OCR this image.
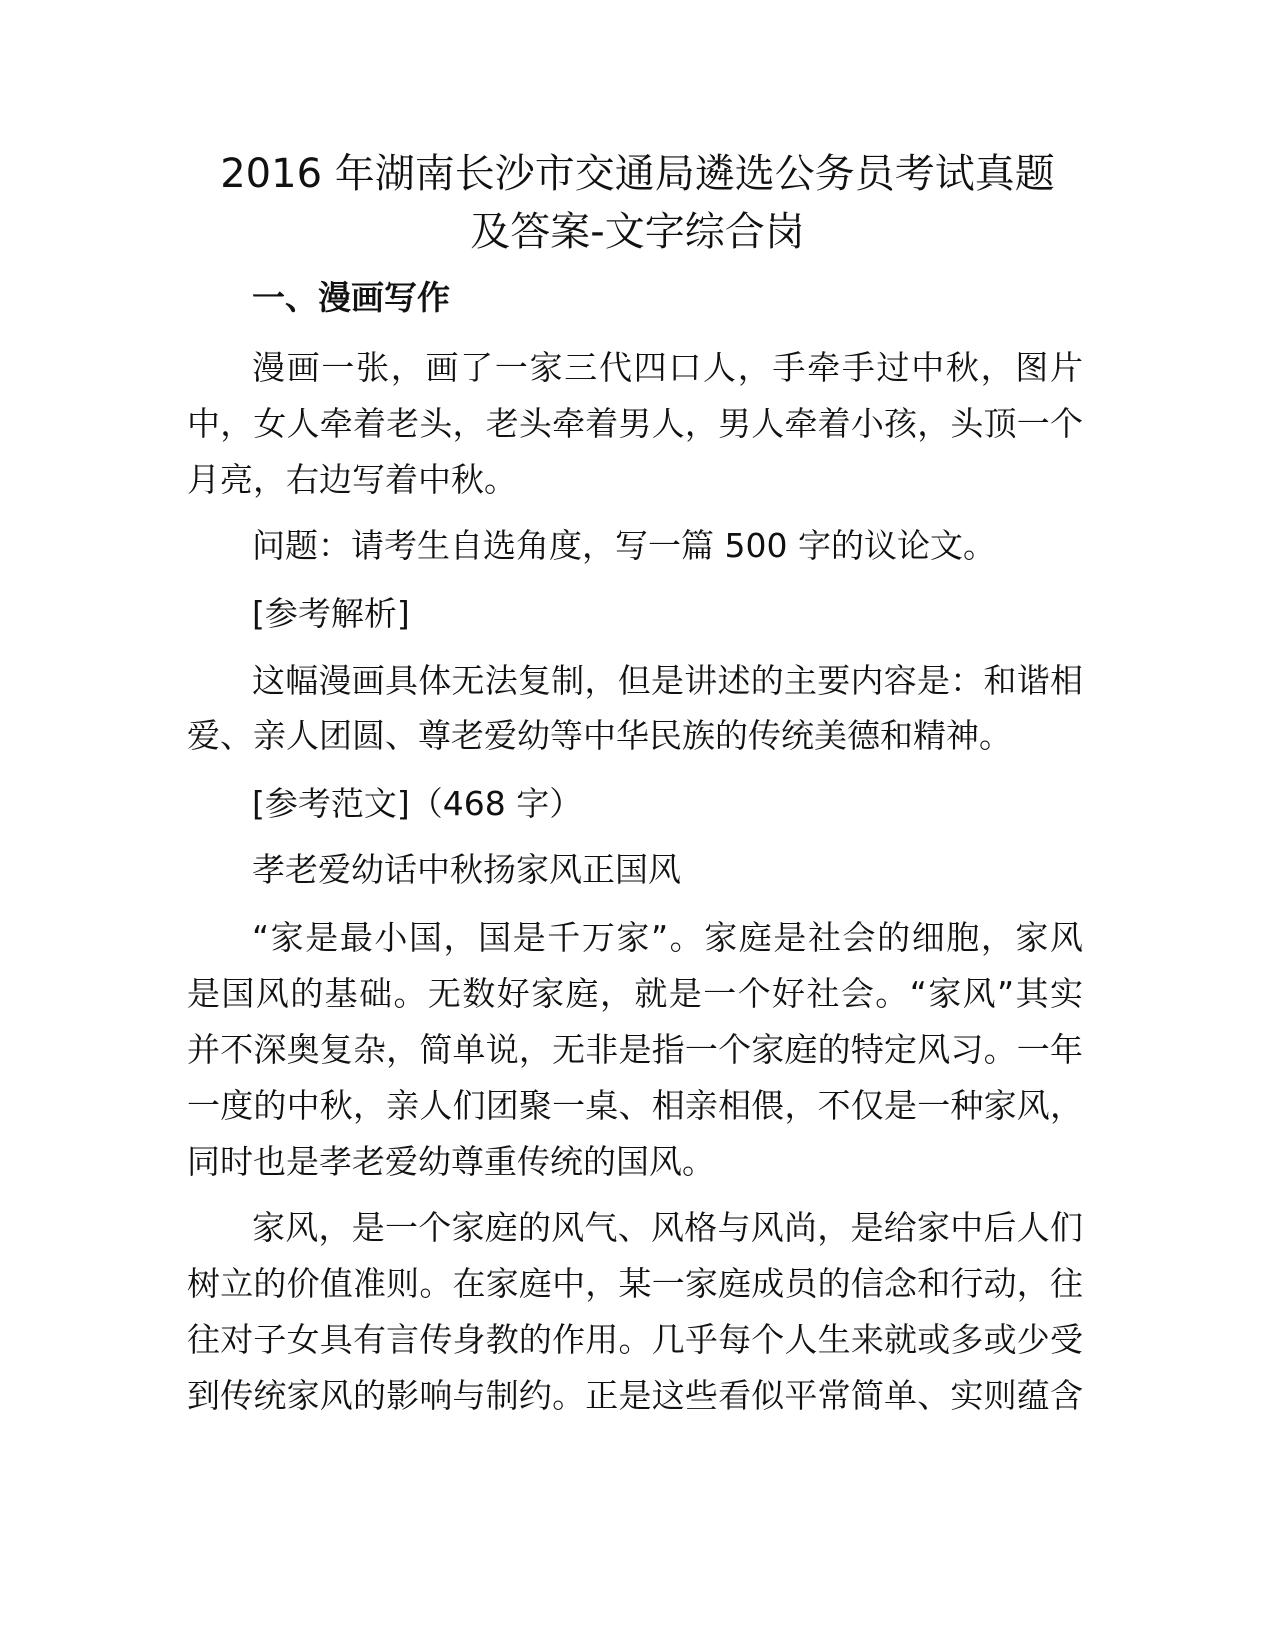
2016 年湖南长沙市交通局遴选公务员考试真题
及答案-文字综合岗

一、漫画写作

漫画一张，画了一家三代四口人，手牵手过中秋，图片

中，女人牵着老头，老头牵着男人，男人牵着小孩，头顶一个

月亮，右边写着中秋。

问题：请考生自选角度，写一篇 500 字的议论文。

[参考解析]

这幅漫画具体无法复制，但是讲述的主要内容是：和谐相

爱、亲人团圆、尊老爱幼等中华民族的传统美德和精神。

[参考范文]（468 字）

孝老爱幼话中秋扬家风正国风

“家是最小国，国是千万家”。家庭是社会的细胞，家风

是国风的基础。无数好家庭，就是一个好社会。“家风”其实

并不深奥复杂，简单说，无非是指一个家庭的特定风习。一年

一度的中秋，亲人们团聚一桌、相亲相偎，不仅是一种家风，

同时也是孝老爱幼尊重传统的国风。

家风，是一个家庭的风气、风格与风尚，是给家中后人们

树立的价值准则。在家庭中，某一家庭成员的信念和行动，往

往对子女具有言传身教的作用。几乎每个人生来就或多或少受

到传统家风的影响与制约。正是这些看似平常简单、实则蕴含
